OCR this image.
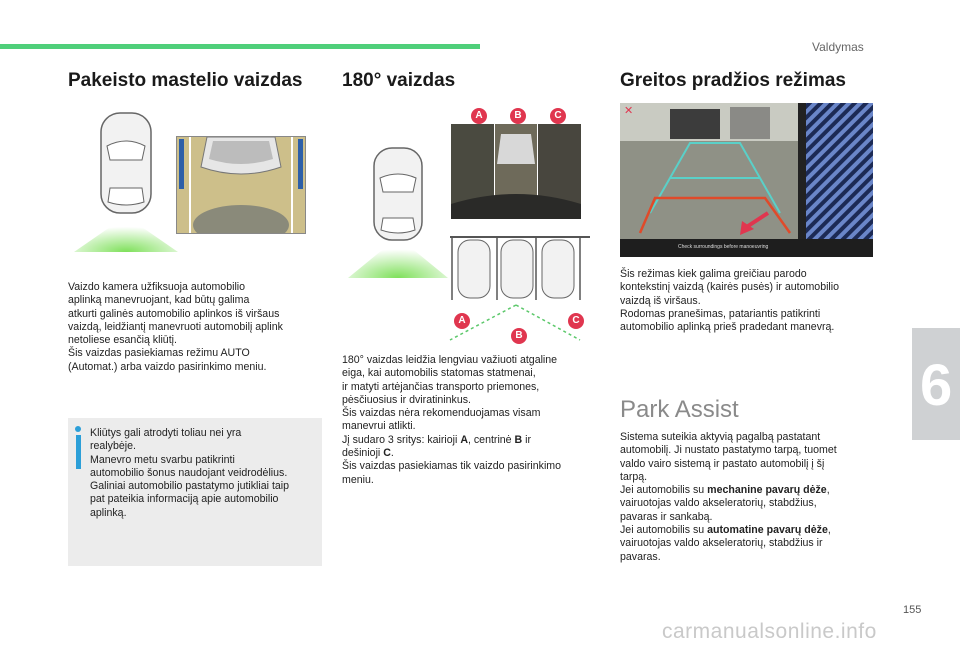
Valdymas
Pakeisto mastelio vaizdas

Vaizdo kamera užfiksuoja automobilio

aplinką manevruojant, kad būtų galima

atkurti galinės automobilio aplinkos iš viršaus

vaizdą, leidžiantį manevruoti automobilį aplink

netoliese esančią kliūtį.

Šis vaizdas pasiekiamas režimu AUTO

(Automat.) arba vaizdo pasirinkimo meniu.

Kliūtys gali atrodyti toliau nei yra
realybėje.
Manevro metu svarbu patikrinti
automobilio šonus naudojant veidrodėlius.
Galiniai automobilio pastatymo jutikliai taip
pat pateikia informaciją apie automobilio
aplinką.
180° vaizdas
A	B	C
A
B
C

180° vaizdas leidžia lengviau važiuoti atgaline

eiga, kai automobilis statomas statmenai,

ir matyti artėjančias transporto priemones,

pėsčiuosius ir dviratininkus.

Šis vaizdas nėra rekomenduojamas visam

manevrui atlikti.

Jį sudaro 3 sritys: kairioji A, centrinė B ir

dešinioji C.

Šis vaizdas pasiekiamas tik vaizdo pasirinkimo

meniu.

Greitos pradžios režimas
✕
Check surroundings before manoeuvring

Šis režimas kiek galima greičiau parodo

kontekstinį vaizdą (kairės pusės) ir automobilio

vaizdą iš viršaus.

Rodomas pranešimas, patariantis patikrinti

automobilio aplinką prieš pradedant manevrą.

Park Assist

Sistema suteikia aktyvią pagalbą pastatant

automobilį. Ji nustato pastatymo tarpą, tuomet

valdo vairo sistemą ir pastato automobilį į šį

tarpą.

Jei automobilis su mechanine pavarų dėže,

vairuotojas valdo akseleratorių, stabdžius,

pavaras ir sankabą.

Jei automobilis su automatine pavarų dėže,

vairuotojas valdo akseleratorių, stabdžius ir

pavaras.

6
155
carmanualsonline.info
